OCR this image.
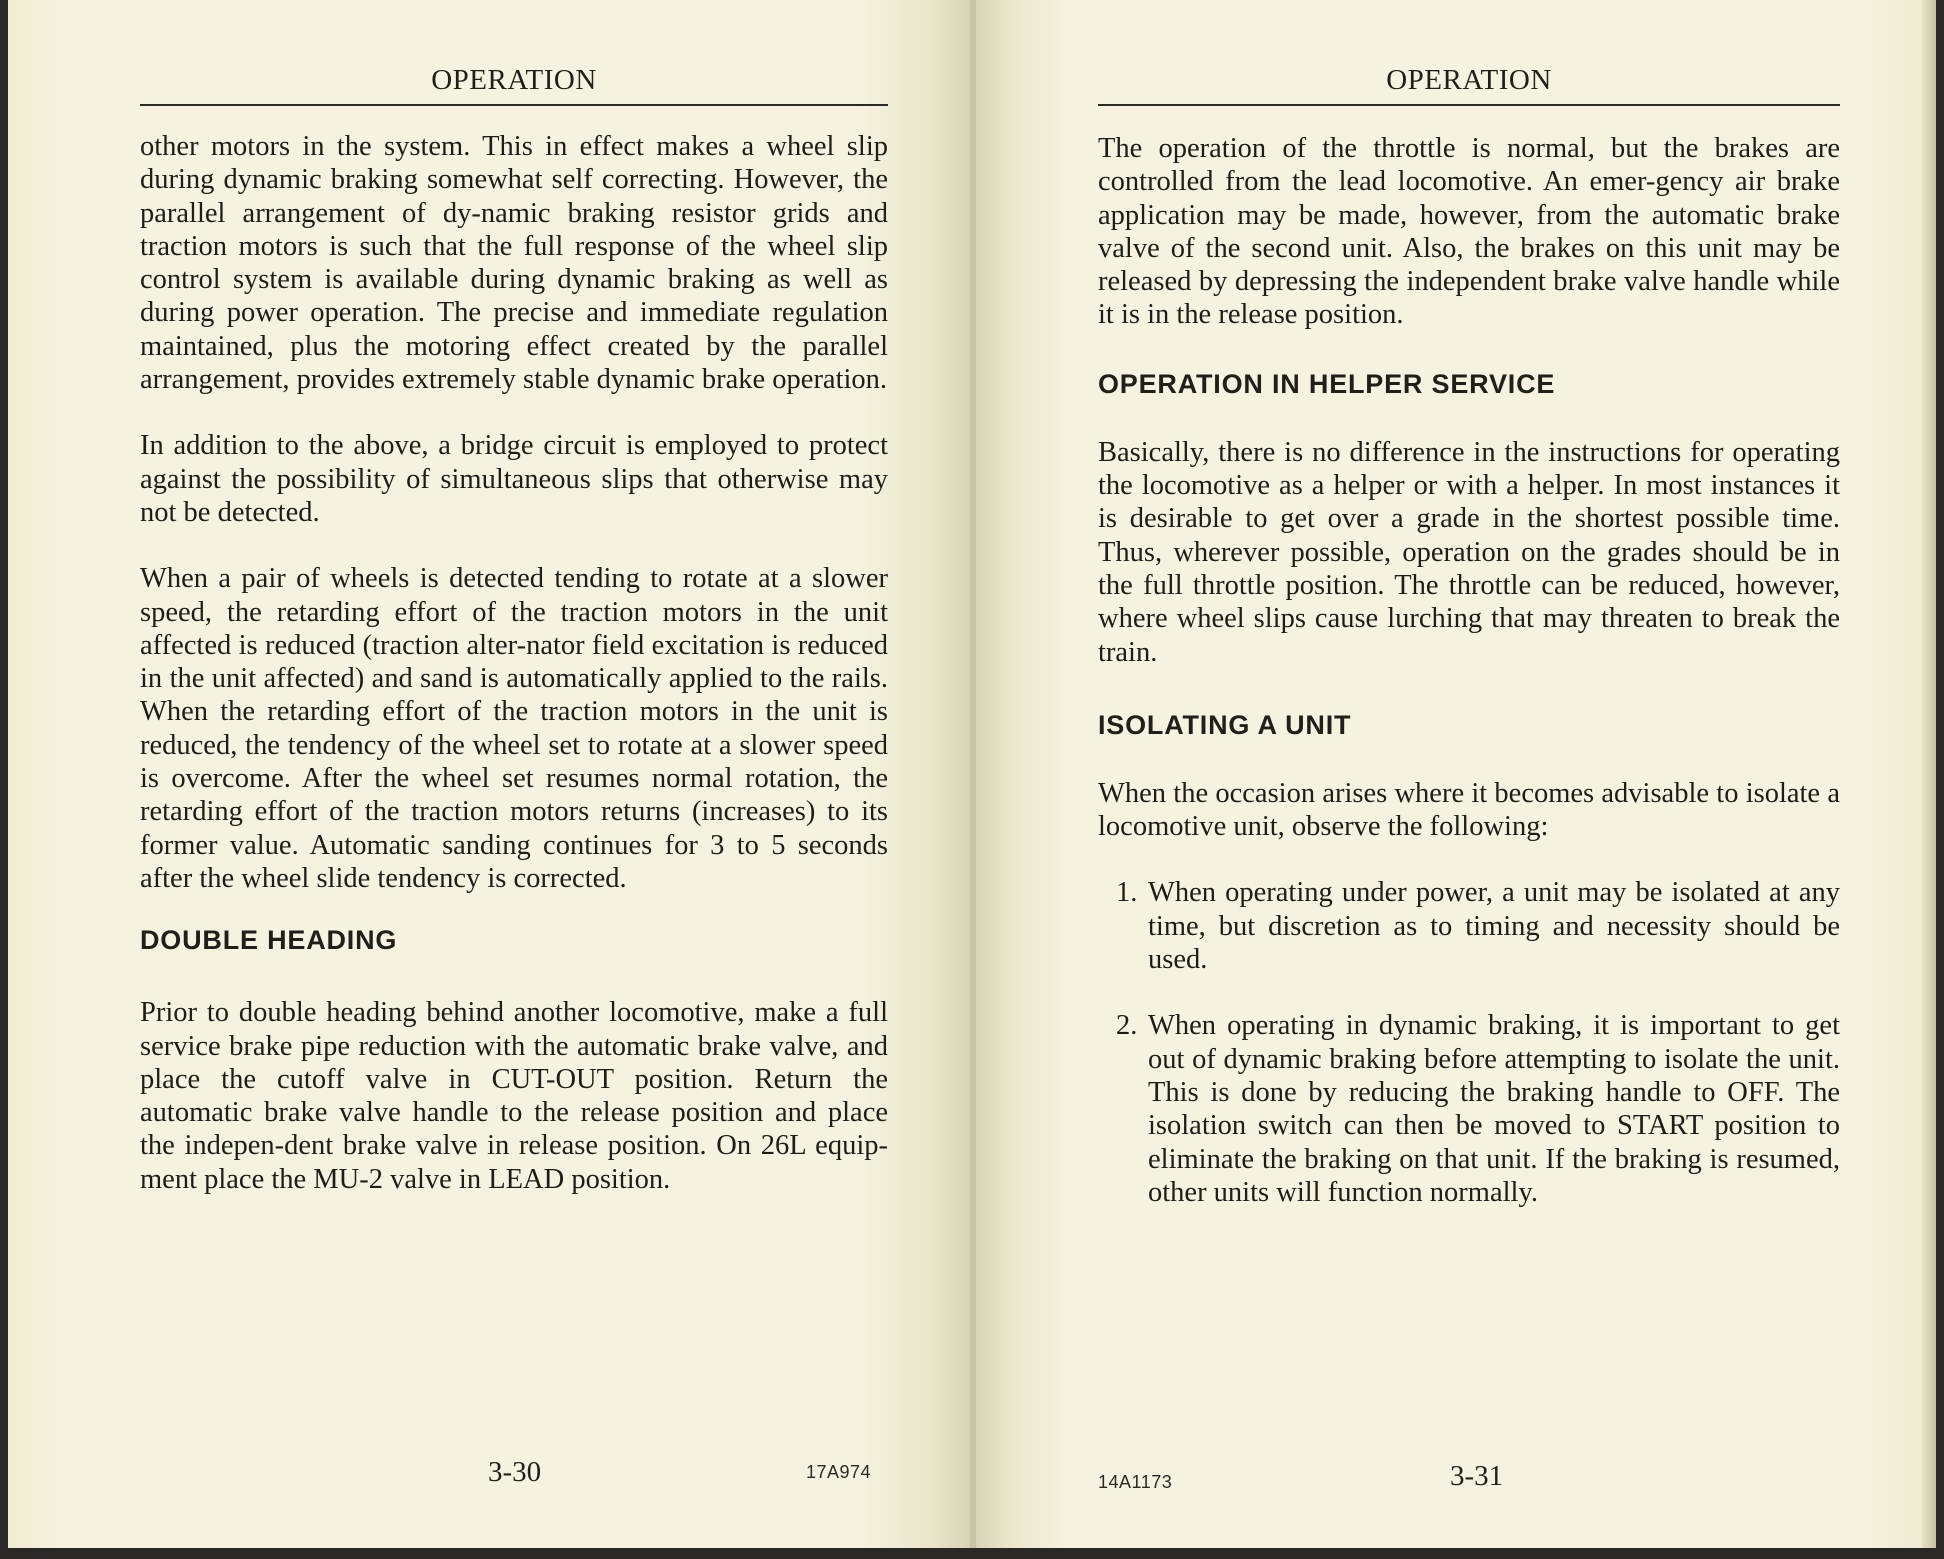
OPERATION

other motors in the system. This in effect makes a wheel slip during dynamic braking somewhat self correcting. However, the parallel arrangement of dy-namic braking resistor grids and traction motors is such that the full response of the wheel slip control system is available during dynamic braking as well as during power operation. The precise and immediate regulation maintained, plus the motoring effect created by the parallel arrangement, provides extremely stable dynamic brake operation.

In addition to the above, a bridge circuit is employed to protect against the possibility of simultaneous slips that otherwise may not be detected.

When a pair of wheels is detected tending to rotate at a slower speed, the retarding effort of the traction motors in the unit affected is reduced (traction alter-nator field excitation is reduced in the unit affected) and sand is automatically applied to the rails. When the retarding effort of the traction motors in the unit is reduced, the tendency of the wheel set to rotate at a slower speed is overcome. After the wheel set resumes normal rotation, the retarding effort of the traction motors returns (increases) to its former value. Automatic sanding continues for 3 to 5 seconds after the wheel slide tendency is corrected.

DOUBLE HEADING

Prior to double heading behind another locomotive, make a full service brake pipe reduction with the automatic brake valve, and place the cutoff valve in CUT-OUT position. Return the automatic brake valve handle to the release position and place the indepen-dent brake valve in release position. On 26L equip-ment place the MU-2 valve in LEAD position.

3-30	17A974
OPERATION

The operation of the throttle is normal, but the brakes are controlled from the lead locomotive. An emer-gency air brake application may be made, however, from the automatic brake valve of the second unit. Also, the brakes on this unit may be released by depressing the independent brake valve handle while it is in the release position.

OPERATION IN HELPER SERVICE

Basically, there is no difference in the instructions for operating the locomotive as a helper or with a helper. In most instances it is desirable to get over a grade in the shortest possible time. Thus, wherever possible, operation on the grades should be in the full throttle position. The throttle can be reduced, however, where wheel slips cause lurching that may threaten to break the train.

ISOLATING A UNIT

When the occasion arises where it becomes advisable to isolate a locomotive unit, observe the following:

1. When operating under power, a unit may be isolated at any time, but discretion as to timing and necessity should be used.
2. When operating in dynamic braking, it is important to get out of dynamic braking before attempting to isolate the unit. This is done by reducing the braking handle to OFF. The isolation switch can then be moved to START position to eliminate the braking on that unit. If the braking is resumed, other units will function normally.
14A1173	3-31
